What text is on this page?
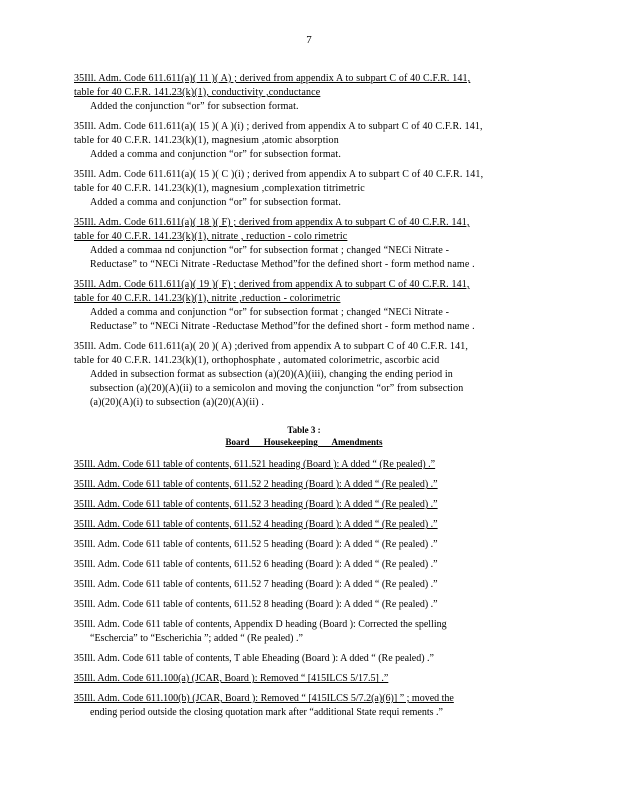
7
35Ill. Adm. Code 611.611(a)( 11 )( A) ; derived from appendix A to subpart C of 40 C.F.R. 141,
table for 40 C.F.R. 141.23(k)(1), conductivity ,conductance
Added the conjunction “or” for subsection format.
35Ill. Adm. Code 611.611(a)( 15 )( A )(i) ; derived from appendix A to subpart C of 40 C.F.R. 141,
table for 40 C.F.R. 141.23(k)(1), magnesium ,atomic absorption
Added a comma and conjunction “or” for subsection format.
35Ill. Adm. Code 611.611(a)( 15 )( C )(i) ; derived from appendix A to subpart C of 40 C.F.R. 141,
table for 40 C.F.R. 141.23(k)(1), magnesium ,complexation titrimetric
Added a comma and conjunction “or” for subsection format.
35Ill. Adm. Code 611.611(a)( 18 )( F) ; derived from appendix A to subpart C of 40 C.F.R. 141,
table for 40 C.F.R. 141.23(k)(1), nitrate , reduction - colo rimetric
Added a commaa nd conjunction “or” for subsection format ; changed “NECi Nitrate -
Reductase” to “NECi Nitrate -Reductase Method”for the defined short - form method name .
35Ill. Adm. Code 611.611(a)( 19 )( F) ; derived from appendix A to subpart C of 40 C.F.R. 141,
table for 40 C.F.R. 141.23(k)(1), nitrite ,reduction - colorimetric
Added a comma and conjunction “or” for subsection format ; changed “NECi Nitrate -
Reductase” to “NECi Nitrate -Reductase Method”for the defined short - form method name .
35Ill. Adm. Code 611.611(a)( 20 )( A) ;derived from appendix A to subpart C of 40 C.F.R. 141,
table for 40 C.F.R. 141.23(k)(1), orthophosphate , automated colorimetric, ascorbic acid
Added in subsection format as subsection (a)(20)(A)(iii), changing the ending period in
subsection (a)(20)(A)(ii) to a semicolon and moving the conjunction “or” from subsection
(a)(20)(A)(i) to subsection (a)(20)(A)(ii) .
Table 3 :
Board Housekeeping Amendments
35Ill. Adm. Code 611 table of contents, 611.521 heading (Board ): A dded “ (Re pealed) .”
35Ill. Adm. Code 611 table of contents, 611.52 2 heading (Board ): A dded “ (Re pealed) .”
35Ill. Adm. Code 611 table of contents, 611.52 3 heading (Board ): A dded “ (Re pealed) .”
35Ill. Adm. Code 611 table of contents, 611.52 4 heading (Board ): A dded “ (Re pealed) .”
35Ill. Adm. Code 611 table of contents, 611.52 5 heading (Board ): A dded “ (Re pealed) .”
35Ill. Adm. Code 611 table of contents, 611.52 6 heading (Board ): A dded “ (Re pealed) .”
35Ill. Adm. Code 611 table of contents, 611.52 7 heading (Board ): A dded “ (Re pealed) .”
35Ill. Adm. Code 611 table of contents, 611.52 8 heading (Board ): A dded “ (Re pealed) .”
35Ill. Adm. Code 611 table of contents, Appendix D heading (Board ): Corrected the spelling
“Eschercia” to “Escherichia ”; added “ (Re pealed) .”
35Ill. Adm. Code 611 table of contents, T able Eheading (Board ): A dded “ (Re pealed) .”
35Ill. Adm. Code 611.100(a) (JCAR, Board ): Removed “ [415ILCS 5/17.5] .”
35Ill. Adm. Code 611.100(b) (JCAR, Board ): Removed “ [415ILCS 5/7.2(a)(6)] ” ; moved the
ending period outside the closing quotation mark after “additional State requi rements .”
